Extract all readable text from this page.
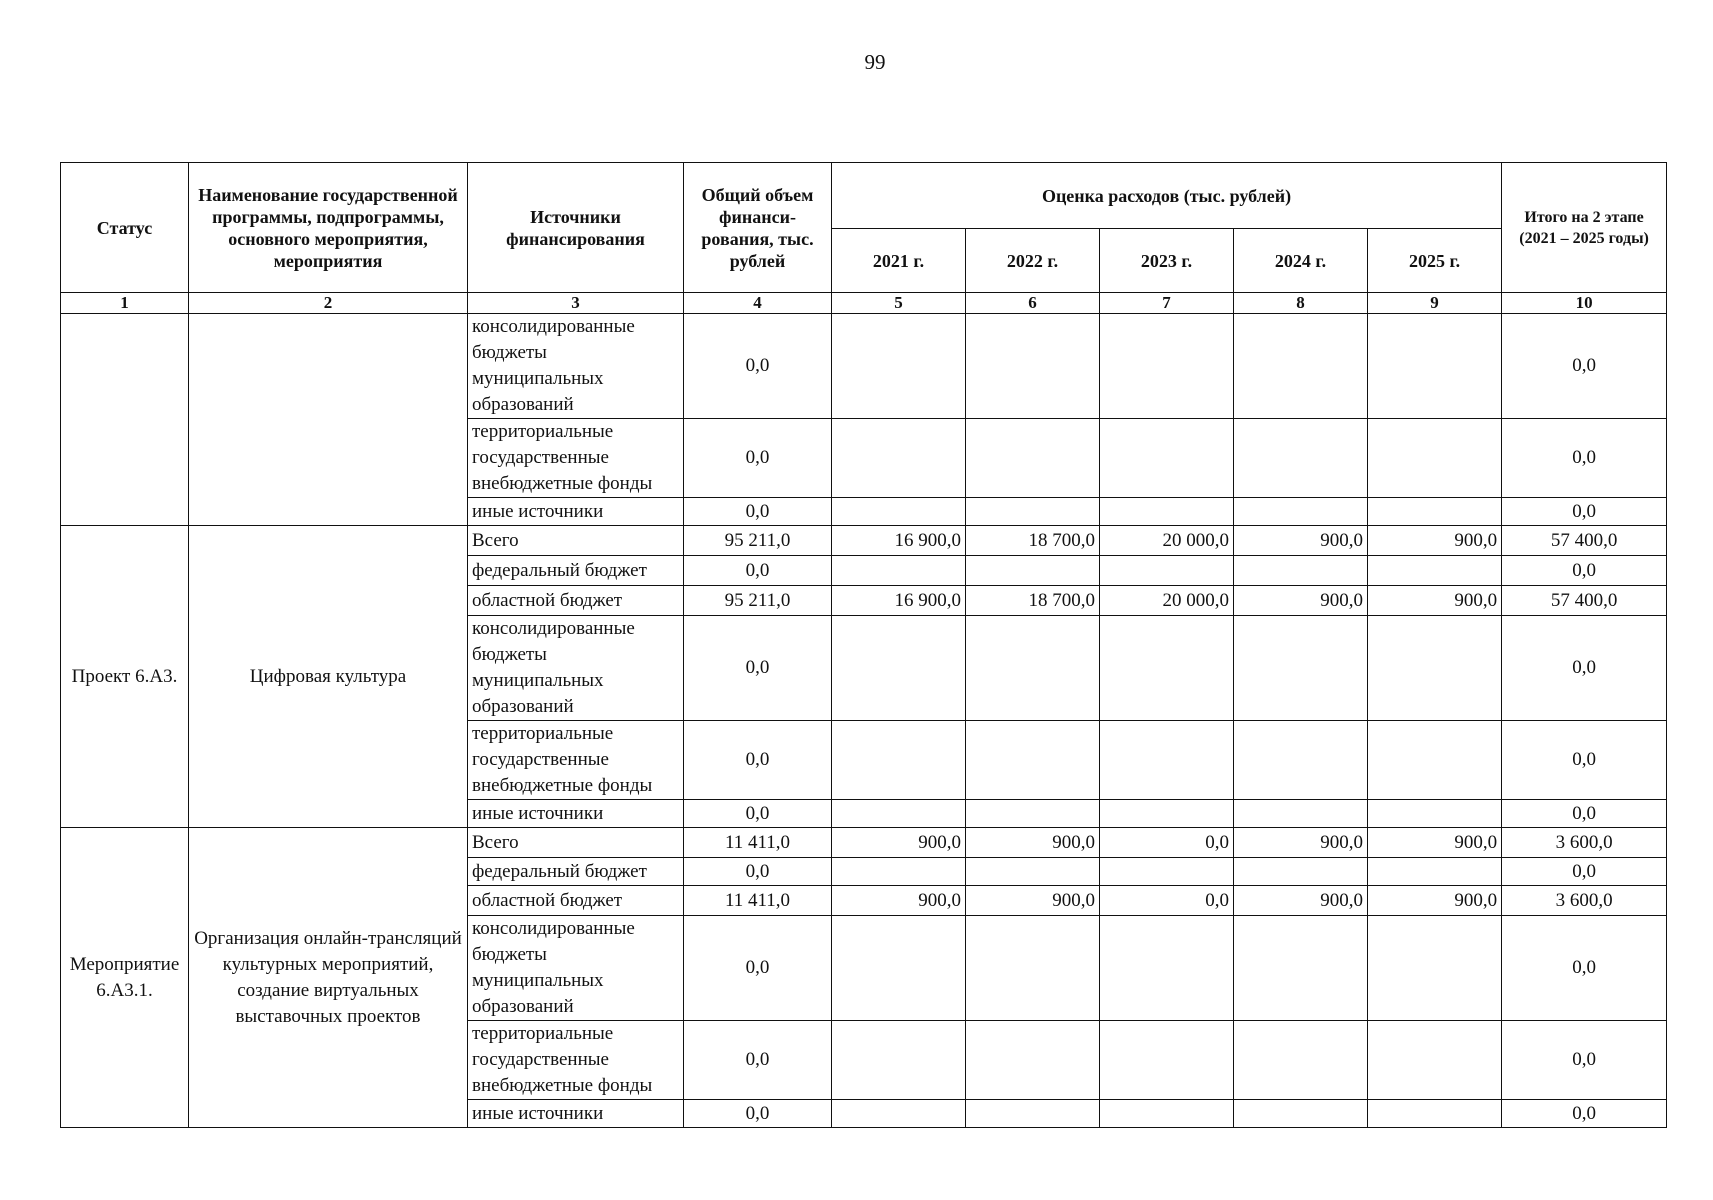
99
Статус	Наименование государственной программы, подпрограммы, основного мероприятия, мероприятия	Источники финансирования	Общий объем финанси-рования, тыс. рублей	Оценка расходов (тыс. рублей)					Итого на 2 этапе (2021 – 2025 годы)
				2021 г.	2022 г.	2023 г.	2024 г.	2025 г.	
1	2	3	4	5	6	7	8	9	10
		консолидированные бюджеты муниципальных образований	0,0						0,0
		территориальные государственные внебюджетные фонды	0,0						0,0
		иные источники	0,0						0,0
Проект 6.А3.	Цифровая культура	Всего	95 211,0	16 900,0	18 700,0	20 000,0	900,0	900,0	57 400,0
		федеральный бюджет	0,0						0,0
		областной бюджет	95 211,0	16 900,0	18 700,0	20 000,0	900,0	900,0	57 400,0
		консолидированные бюджеты муниципальных образований	0,0						0,0
		территориальные государственные внебюджетные фонды	0,0						0,0
		иные источники	0,0						0,0
Мероприятие 6.А3.1.	Организация онлайн-трансляций культурных мероприятий, создание виртуальных выставочных проектов	Всего	11 411,0	900,0	900,0	0,0	900,0	900,0	3 600,0
		федеральный бюджет	0,0						0,0
		областной бюджет	11 411,0	900,0	900,0	0,0	900,0	900,0	3 600,0
		консолидированные бюджеты муниципальных образований	0,0						0,0
		территориальные государственные внебюджетные фонды	0,0						0,0
		иные источники	0,0						0,0
